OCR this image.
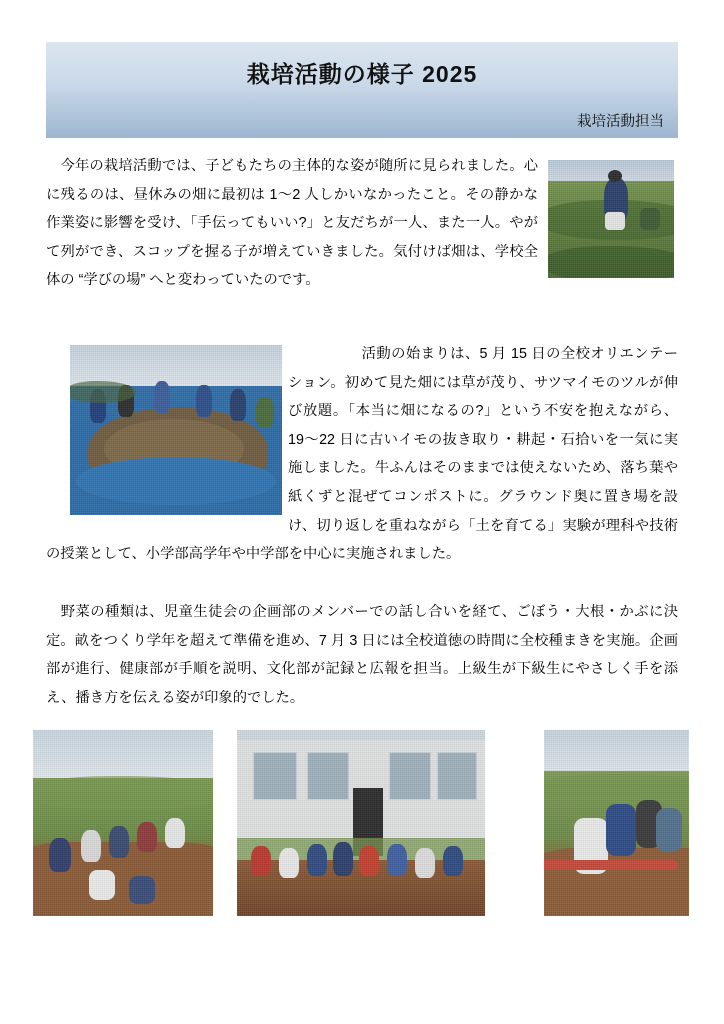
栽培活動の様子 2025
栽培活動担当

　今年の栽培活動では、子どもたちの主体的な姿が随所に見られました。心に残るのは、昼休みの畑に最初は 1〜2 人しかいなかったこと。その静かな作業姿に影響を受け、「手伝ってもいい?」と友だちが一人、また一人。やがて列ができ、スコップを握る子が増えていきました。気付けば畑は、学校全体の “学びの場” へと変わっていたのです。

　　　　　活動の始まりは、5 月 15 日の全校オリエンテーション。初めて見た畑には草が茂り、サツマイモのツルが伸び放題。「本当に畑になるの?」という不安を抱えながら、19〜22 日に古いイモの抜き取り・耕起・石拾いを一気に実施しました。牛ふんはそのままでは使えないため、落ち葉や紙くずと混ぜてコンポストに。グラウンド奥に置き場を設け、切り返しを重ねながら「土を育てる」実験が理科や技術の授業として、小学部高学年や中学部を中心に実施されました。

　野菜の種類は、児童生徒会の企画部のメンバーでの話し合いを経て、ごぼう・大根・かぶに決定。畝をつくり学年を超えて準備を進め、7 月 3 日には全校道徳の時間に全校種まきを実施。企画部が進行、健康部が手順を説明、文化部が記録と広報を担当。上級生が下級生にやさしく手を添え、播き方を伝える姿が印象的でした。
